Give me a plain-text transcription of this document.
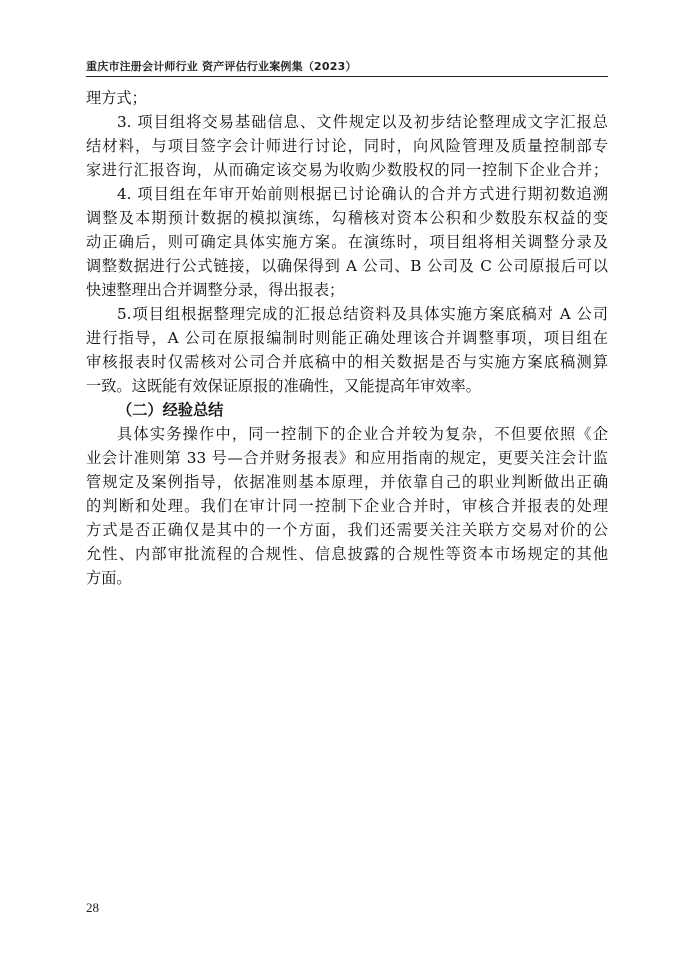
重庆市注册会计师行业 资产评估行业案例集（2023）

理方式；

3. 项目组将交易基础信息、文件规定以及初步结论整理成文字汇报总
结材料，与项目签字会计师进行讨论，同时，向风险管理及质量控制部专
家进行汇报咨询，从而确定该交易为收购少数股权的同一控制下企业合并；

4. 项目组在年审开始前则根据已讨论确认的合并方式进行期初数追溯
调整及本期预计数据的模拟演练，勾稽核对资本公积和少数股东权益的变
动正确后，则可确定具体实施方案。在演练时，项目组将相关调整分录及
调整数据进行公式链接，以确保得到 A 公司、B 公司及 C 公司原报后可以
快速整理出合并调整分录，得出报表；

5.项目组根据整理完成的汇报总结资料及具体实施方案底稿对 A 公司
进行指导，A 公司在原报编制时则能正确处理该合并调整事项，项目组在
审核报表时仅需核对公司合并底稿中的相关数据是否与实施方案底稿测算
一致。这既能有效保证原报的准确性，又能提高年审效率。

（二）经验总结

具体实务操作中，同一控制下的企业合并较为复杂，不但要依照《企
业会计准则第 33 号—合并财务报表》和应用指南的规定，更要关注会计监
管规定及案例指导，依据准则基本原理，并依靠自己的职业判断做出正确
的判断和处理。我们在审计同一控制下企业合并时，审核合并报表的处理
方式是否正确仅是其中的一个方面，我们还需要关注关联方交易对价的公
允性、内部审批流程的合规性、信息披露的合规性等资本市场规定的其他
方面。

28
